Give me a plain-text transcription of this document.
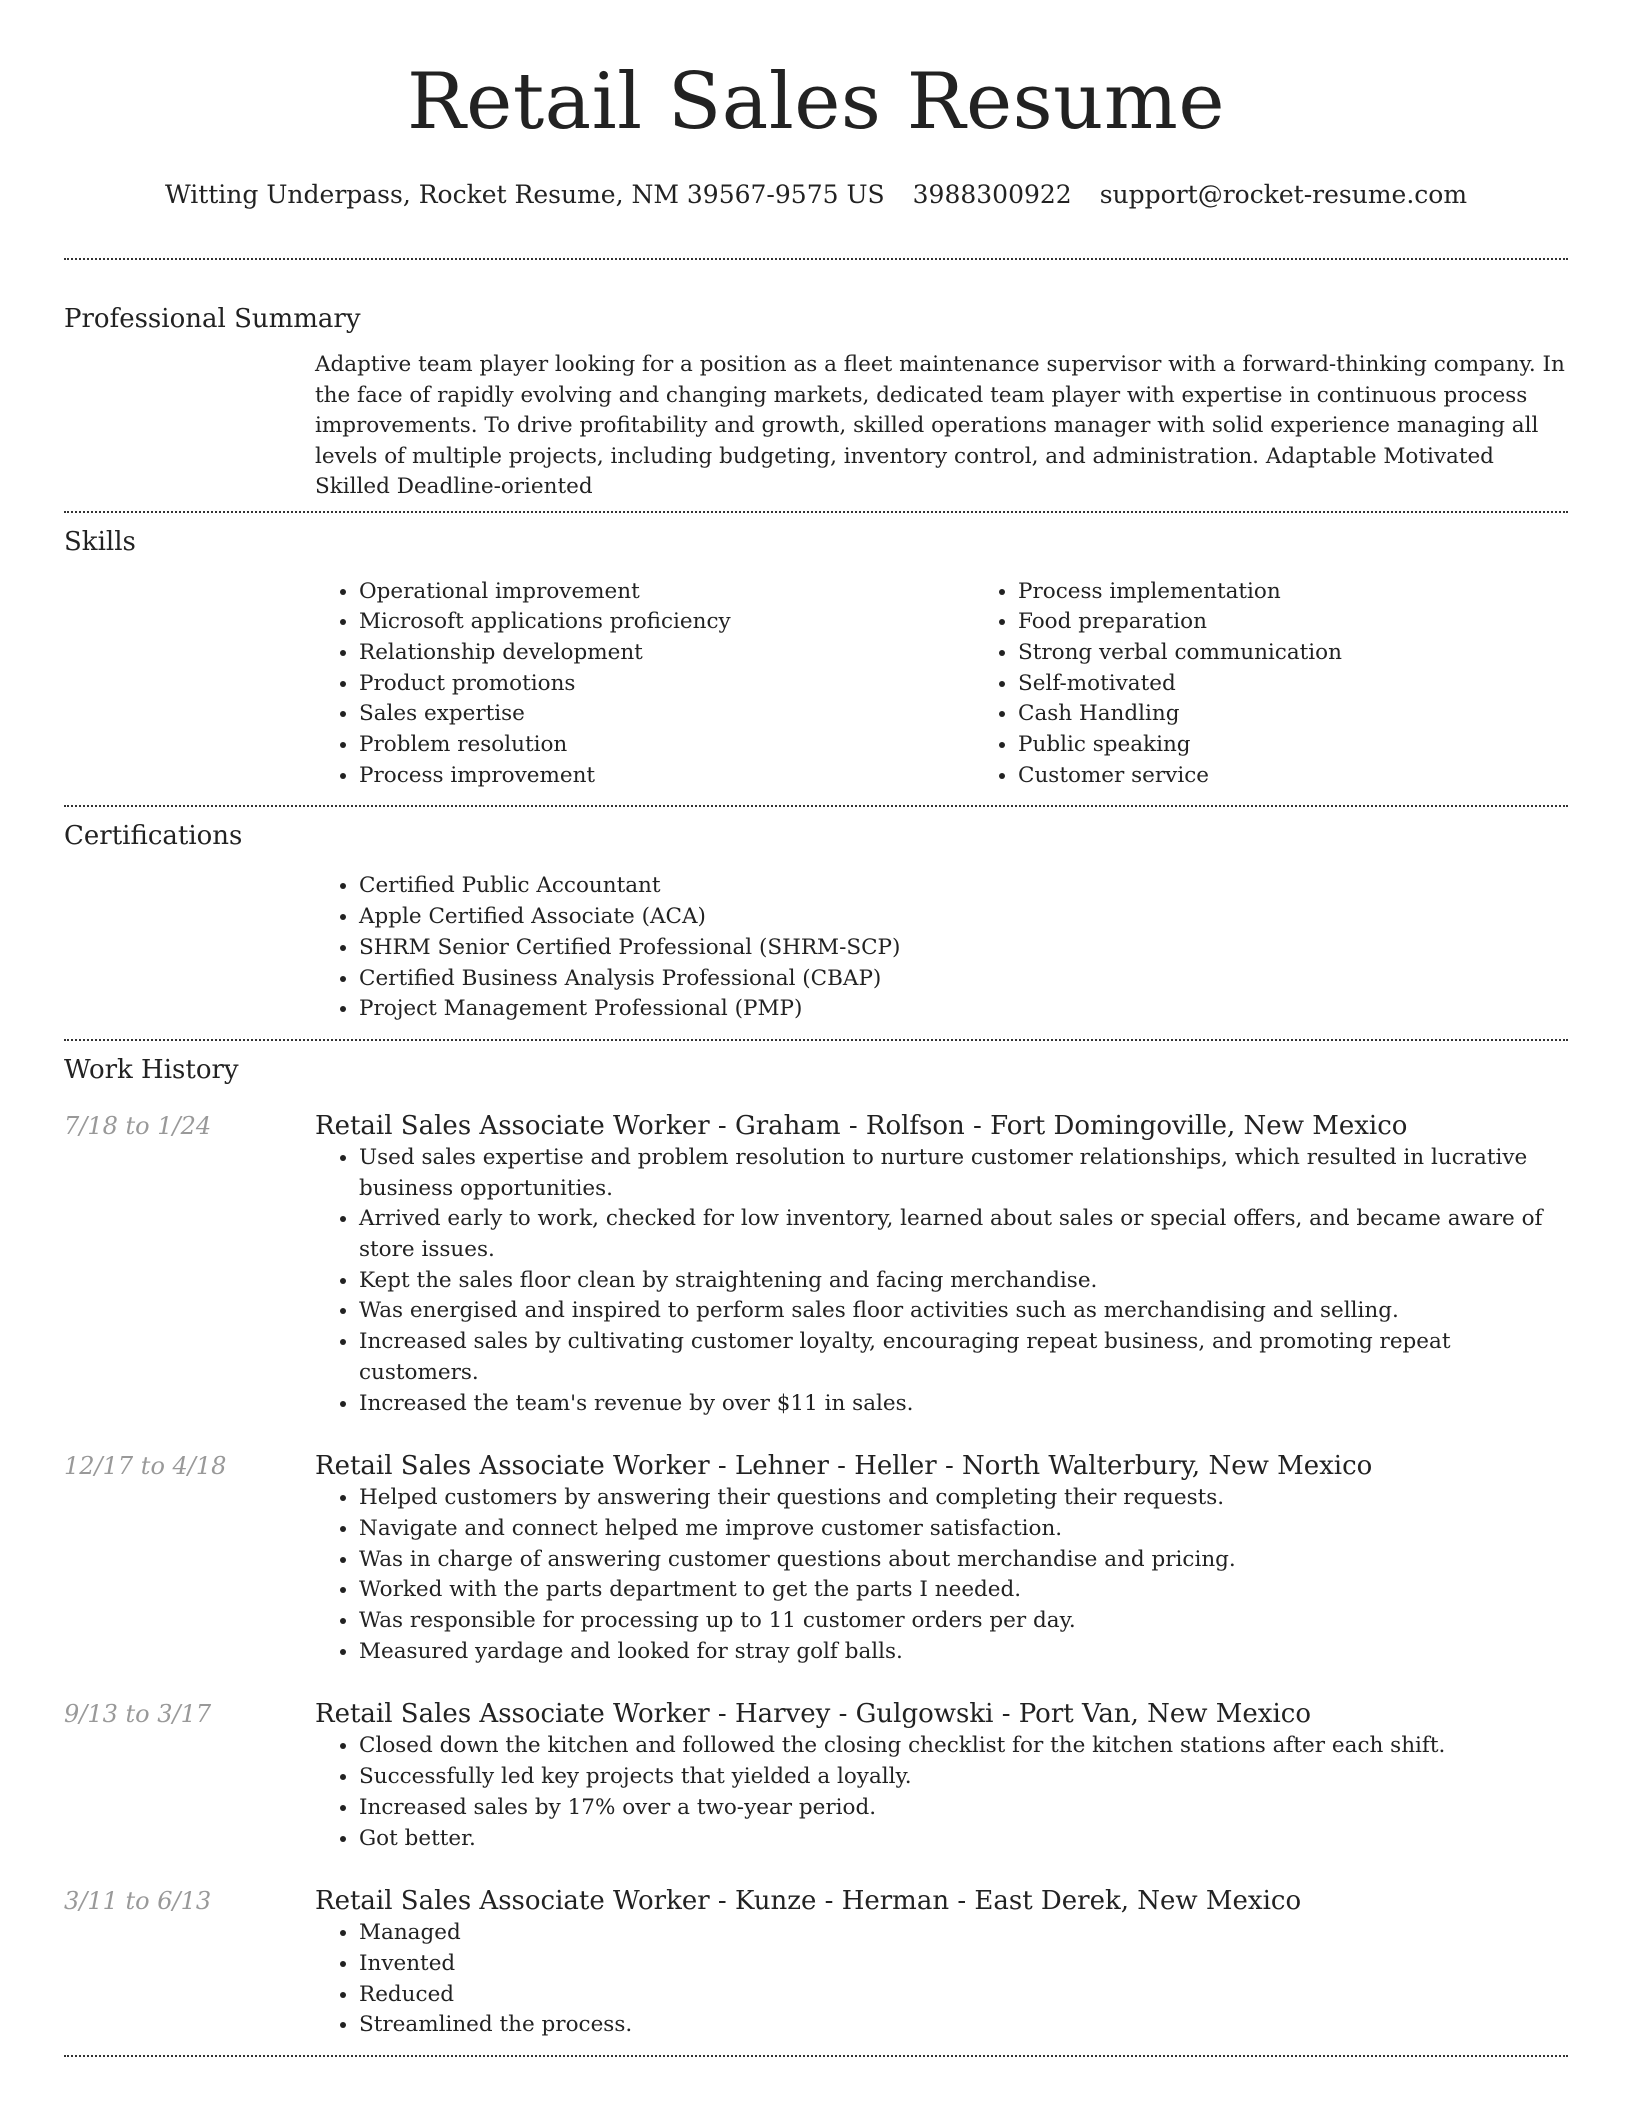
Retail Sales Resume
Witting Underpass, Rocket Resume, NM 39567-9575 US 3988300922 support@rocket-resume.com
Professional Summary

Adaptive team player looking for a position as a fleet maintenance supervisor with a forward-thinking company. In the face of rapidly evolving and changing markets, dedicated team player with expertise in continuous process improvements. To drive profitability and growth, skilled operations manager with solid experience managing all levels of multiple projects, including budgeting, inventory control, and administration. Adaptable Motivated Skilled Deadline-oriented

Skills
• Operational improvement
• Microsoft applications proficiency
• Relationship development
• Product promotions
• Sales expertise
• Problem resolution
• Process improvement
• Process implementation
• Food preparation
• Strong verbal communication
• Self-motivated
• Cash Handling
• Public speaking
• Customer service
Certifications
• Certified Public Accountant
• Apple Certified Associate (ACA)
• SHRM Senior Certified Professional (SHRM-SCP)
• Certified Business Analysis Professional (CBAP)
• Project Management Professional (PMP)
Work History
7/18 to 1/24	Retail Sales Associate Worker - Graham - Rolfson - Fort Domingoville, New Mexico
• Used sales expertise and problem resolution to nurture customer relationships, which resulted in lucrative business opportunities.
• Arrived early to work, checked for low inventory, learned about sales or special offers, and became aware of store issues.
• Kept the sales floor clean by straightening and facing merchandise.
• Was energised and inspired to perform sales floor activities such as merchandising and selling.
• Increased sales by cultivating customer loyalty, encouraging repeat business, and promoting repeat customers.
• Increased the team's revenue by over $11 in sales.
12/17 to 4/18	Retail Sales Associate Worker - Lehner - Heller - North Walterbury, New Mexico
• Helped customers by answering their questions and completing their requests.
• Navigate and connect helped me improve customer satisfaction.
• Was in charge of answering customer questions about merchandise and pricing.
• Worked with the parts department to get the parts I needed.
• Was responsible for processing up to 11 customer orders per day.
• Measured yardage and looked for stray golf balls.
9/13 to 3/17	Retail Sales Associate Worker - Harvey - Gulgowski - Port Van, New Mexico
• Closed down the kitchen and followed the closing checklist for the kitchen stations after each shift.
• Successfully led key projects that yielded a loyally.
• Increased sales by 17% over a two-year period.
• Got better.
3/11 to 6/13	Retail Sales Associate Worker - Kunze - Herman - East Derek, New Mexico
• Managed
• Invented
• Reduced
• Streamlined the process.
